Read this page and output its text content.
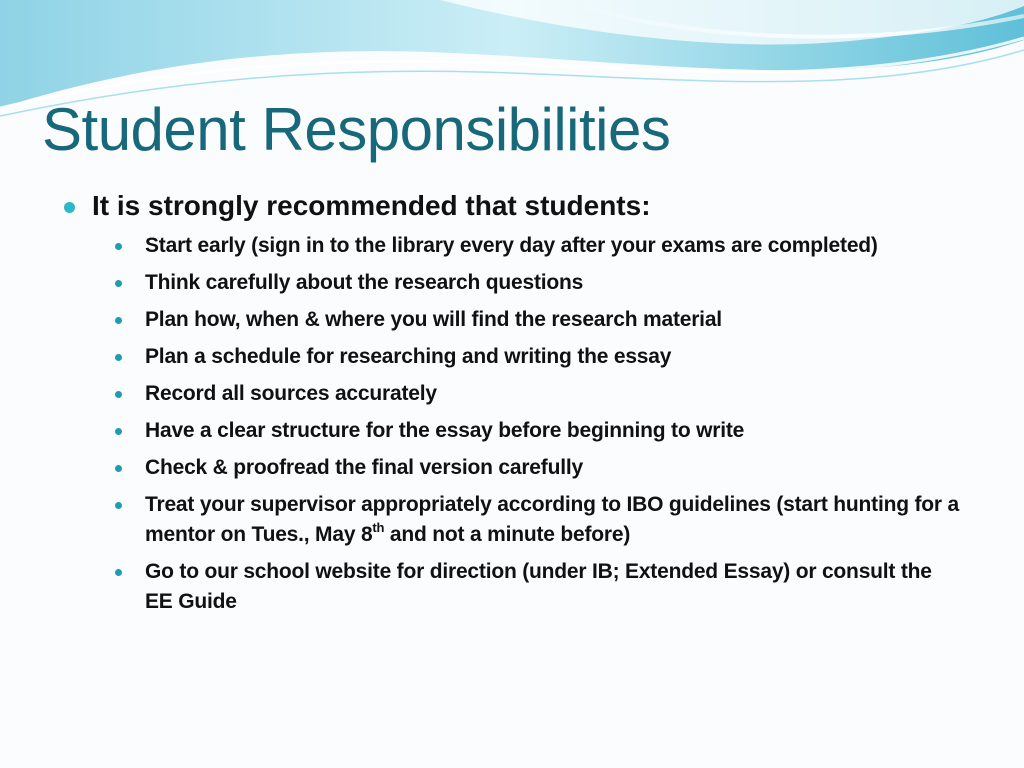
Student Responsibilities
It is strongly recommended that students:
Start early (sign in to the library every day after your exams are completed)
Think carefully about the research questions
Plan how, when & where you will find the research material
Plan a schedule for researching and writing the essay
Record all sources accurately
Have a clear structure for the essay before beginning to write
Check & proofread the final version carefully
Treat your supervisor appropriately according to IBO guidelines (start hunting for a mentor on Tues., May 8th and not a minute before)
Go to our school website for direction (under IB; Extended Essay) or consult the EE Guide
